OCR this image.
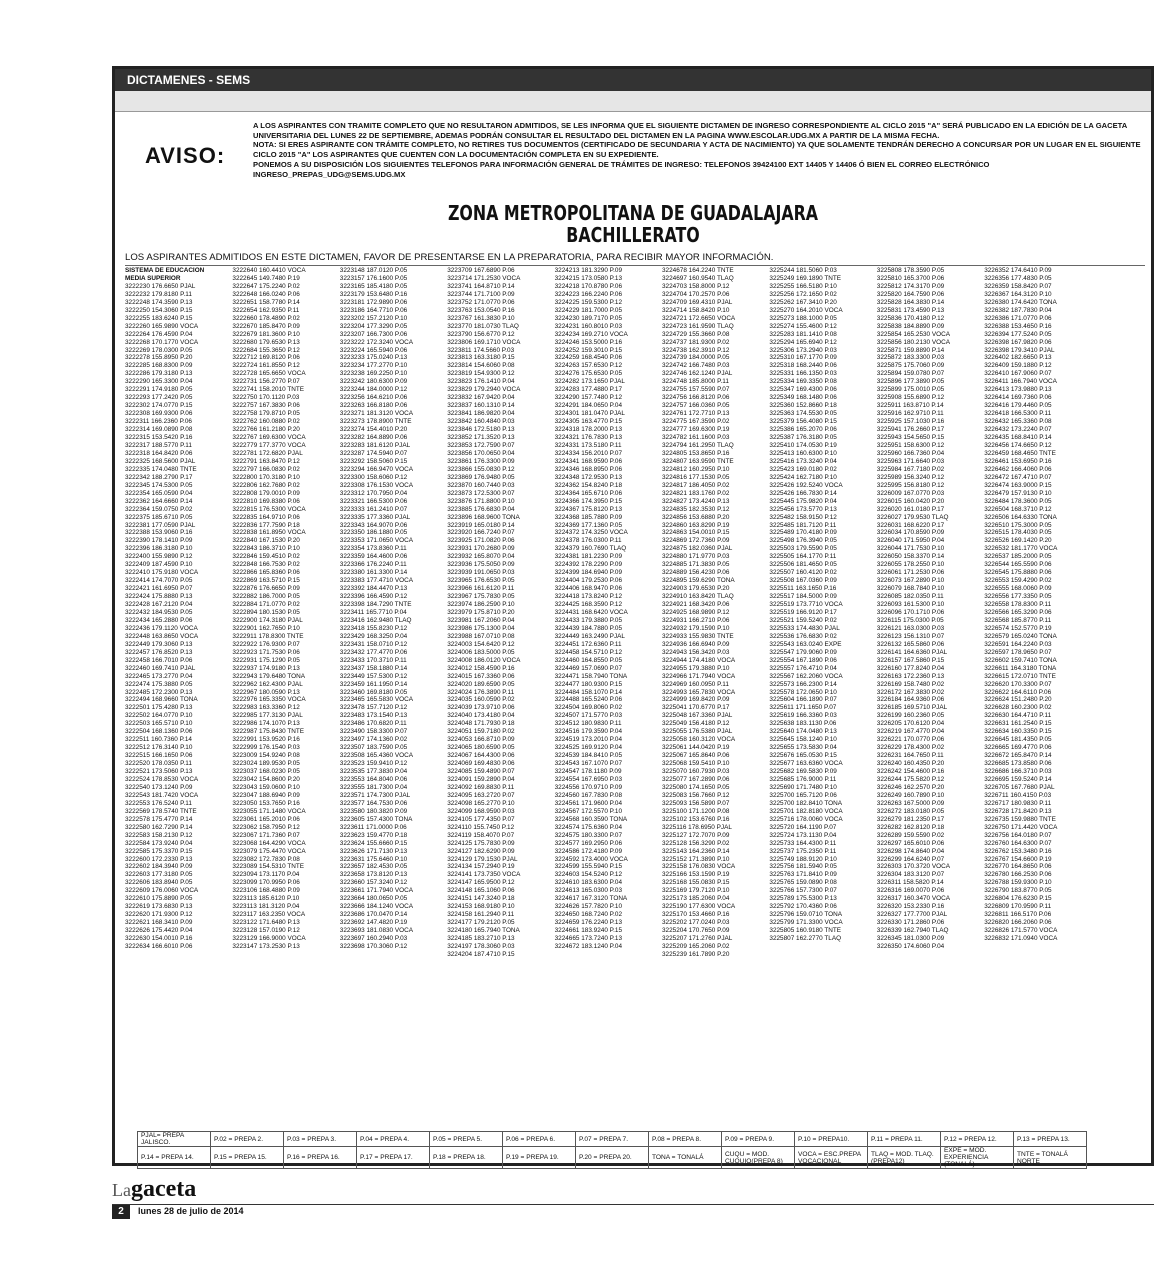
DICTAMENES - SEMS
AVISO:

A LOS ASPIRANTES CON TRAMITE COMPLETO QUE NO RESULTARON ADMITIDOS, SE LES INFORMA QUE EL SIGUIENTE DICTAMEN DE INGRESO CORRESPONDIENTE AL CICLO 2015 "A" SERÁ PUBLICADO EN LA EDICIÓN DE LA GACETA UNIVERSITARIA DEL LUNES 22 DE SEPTIEMBRE, ADEMAS PODRÁN CONSULTAR EL RESULTADO DEL DICTAMEN EN LA PAGINA WWW.ESCOLAR.UDG.MX A PARTIR DE LA MISMA FECHA.

NOTA: SI ERES ASPIRANTE CON TRÁMITE COMPLETO, NO RETIRES TUS DOCUMENTOS (CERTIFICADO DE SECUNDARIA Y ACTA DE NACIMIENTO) YA QUE SOLAMENTE TENDRÁN DERECHO A CONCURSAR POR UN LUGAR EN EL SIGUIENTE CICLO 2015 "A" LOS ASPIRANTES QUE CUENTEN CON LA DOCUMENTACIÓN COMPLETA EN SU EXPEDIENTE.

PONEMOS A SU DISPOSICIÓN LOS SIGUIENTES TELEFONOS PARA INFORMACIÓN GENERAL DE TRÁMITES DE INGRESO: TELEFONOS 39424100 EXT 14405 Y 14406 Ó BIEN EL CORREO ELECTRÓNICO INGRESO_PREPAS_UDG@SEMS.UDG.MX

ZONA METROPOLITANA DE GUADALAJARA
BACHILLERATO
LOS ASPIRANTES ADMITIDOS EN ESTE DICTAMEN, FAVOR DE PRESENTARSE EN LA PREPARATORIA, PARA RECIBIR MAYOR INFORMACIÓN.
SISTEMA DE EDUCACION
MEDIA SUPERIOR
3222230 176.6650 PJAL
3222232 179.8180 P.11
3222248 174.3590 P.13
3222250 154.3060 P.15
3222255 183.6240 P.15
3222260 165.9890 VOCA
3222264 176.4590 P.04
3222268 170.1770 VOCA
3222269 178.0300 P.05
3222278 155.8950 P.20
3222285 168.8300 P.09
3222286 179.3180 P.13
3222290 165.3300 P.04
3222291 174.9180 P.05
3222293 177.2420 P.05
3222302 174.0770 P.15
3222308 169.9300 P.06
3222311 166.2360 P.06
3222314 169.0890 P.08
3222315 153.5420 P.16
3222317 188.5770 P.11
3222318 164.8420 P.06
3222325 168.5600 PJAL
3222335 174.0480 TNTE
3222342 188.2790 P.17
3222345 174.5300 P.05
3222354 165.0590 P.04
3222362 164.6660 P.14
3222364 159.0750 P.02
3222375 185.6710 P.05
3222381 177.0590 PJAL
3222388 153.9060 P.16
3222390 178.1410 P.09
3222396 186.3180 P.10
3222400 155.9890 P.12
3222409 187.4590 P.10
3222410 175.9180 VOCA
3222414 174.7070 P.05
3222421 161.6950 P.07
3222424 175.8880 P.13
3222428 167.2120 P.04
3222432 184.9530 P.05
3222434 165.2880 P.06
3222436 179.1120 VOCA
3222448 163.8650 VOCA
3222449 179.3060 P.13
3222457 176.8520 P.13
3222458 166.7010 P.06
3222460 169.7410 PJAL
3222465 173.2770 P.04
3222474 175.3880 P.05
3222485 172.2300 P.13
3222494 168.9660 TONA
3222501 175.4280 P.13
3222502 164.0770 P.10
3222503 165.5710 P.10
3222504 168.1360 P.06
3222511 160.7360 P.14
3222512 176.3140 P.10
3222515 166.1650 P.06
3222520 178.0350 P.11
3222521 173.5060 P.13
3222524 178.8530 VOCA
3222540 173.1240 P.09
3222543 181.7420 VOCA
3222553 176.5240 P.11
3222569 178.5740 TNTE
3222578 175.4770 P.14
3222580 162.7290 P.14
3222583 158.2130 P.12
3222584 173.9240 P.04
3222585 175.3370 P.15
3222600 172.2330 P.13
3222602 184.3940 P.09
3222603 177.3180 P.05
3222606 183.8940 P.05
3222609 176.0060 VOCA
3222610 175.8890 P.05
3222619 173.6830 P.13
3222620 171.9300 P.12
3222621 168.3410 P.09
3222626 175.4420 P.04
3222630 154.0010 P.16
3222634 166.6010 P.06
3222640 160.4410 VOCA
3222645 149.7480 P.19
3222647 175.2240 P.02
3222648 166.0240 P.06
3222651 158.7780 P.14
3222654 162.9350 P.11
3222660 178.4890 P.02
3222670 185.8470 P.09
3222679 181.3600 P.10
3222680 179.6530 P.13
3222684 155.3650 P.12
3222712 169.8120 P.06
3222724 161.8550 P.12
3222728 165.6650 VOCA
3222731 156.2770 P.07
3222741 158.2010 TNTE
3222750 170.1120 P.03
3222757 167.3830 P.06
3222758 179.8710 P.05
3222762 160.0880 P.02
3222766 161.2180 P.20
3222767 169.6300 VOCA
3222779 177.3770 VOCA
3222781 172.6820 PJAL
3222791 163.8470 P.12
3222797 166.0830 P.02
3222800 170.3180 P.10
3222806 162.7680 P.02
3222808 179.0010 P.09
3222810 169.8380 P.06
3222815 176.5300 VOCA
3222835 164.9710 P.06
3222836 177.7590 P.18
3222838 161.8950 VOCA
3222840 167.1530 P.20
3222843 186.3710 P.10
3222846 159.4510 P.02
3222848 166.7530 P.02
3222866 165.8360 P.06
3222869 163.5710 P.15
3222876 176.6650 P.09
3222882 186.7000 P.05
3222884 171.0770 P.02
3222894 180.1530 P.05
3222900 174.3180 PJAL
3222901 162.7650 P.10
3222911 178.8300 TNTE
3222922 176.9300 P.07
3222923 171.7530 P.06
3222931 175.1290 P.05
3222937 174.9180 P.13
3222943 179.6480 TONA
3222962 162.4300 PJAL
3222967 180.0590 P.13
3222976 165.3350 VOCA
3222983 163.3360 P.12
3222985 177.3130 PJAL
3222986 174.1070 P.13
3222987 175.8430 TNTE
3222991 153.9520 P.16
3222999 176.1540 P.03
3223009 154.9240 P.08
3223024 189.9530 P.05
3223037 168.0230 P.05
3223042 154.8600 P.20
3223043 159.0600 P.10
3223047 188.6940 P.09
3223050 153.7650 P.16
3223055 171.1480 VOCA
3223061 165.2010 P.06
3223062 158.7950 P.12
3223067 171.7360 P.07
3223068 164.4290 VOCA
3223079 175.4470 VOCA
3223082 172.7830 P.08
3223089 154.5310 TNTE
3223094 173.1170 P.04
3223099 170.9950 P.06
3223106 168.4880 P.09
3223113 185.6120 P.10
3223113 181.3120 P.04
3223117 163.2350 VOCA
3223122 171.6480 P.13
3223128 157.0190 P.12
3223129 166.9000 VOCA
3223147 173.2530 P.13
3223148 187.0120 P.05
3223157 176.1600 P.05
3223165 185.4180 P.05
3223179 153.6480 P.16
3223181 172.9890 P.06
3223186 164.7710 P.06
3223202 157.2120 P.10
3223204 177.3290 P.05
3223207 166.7300 P.06
3223222 172.3240 VOCA
3223224 165.5940 P.06
3223233 175.0240 P.13
3223234 177.2770 P.10
3223238 169.2250 P.10
3223242 180.6300 P.09
3223244 184.0000 P.12
3223256 164.6210 P.06
3223263 166.8180 P.06
3223271 181.3120 VOCA
3223273 178.8900 TNTE
3223274 154.4010 P.20
3223282 164.8890 P.06
3223283 181.6120 PJAL
3223287 174.5940 P.07
3223292 158.5060 P.15
3223294 166.9470 VOCA
3223300 158.6060 P.12
3223308 176.1530 VOCA
3223312 170.7950 P.04
3223321 166.5300 P.06
3223333 161.2410 P.07
3223335 177.3360 PJAL
3223343 164.9070 P.06
3223350 186.1880 P.05
3223353 171.0650 VOCA
3223354 173.8360 P.11
3223359 164.4600 P.06
3223366 176.2240 P.11
3223380 161.3300 P.14
3223383 177.4710 VOCA
3223392 184.4470 P.13
3223396 166.4590 P.12
3223398 184.7290 TNTE
3223411 165.7710 P.04
3223416 162.9480 TLAQ
3223418 155.8230 P.12
3223429 168.3250 P.04
3223431 158.0710 P.12
3223432 177.4770 P.06
3223433 170.3710 P.11
3223437 158.1880 P.14
3223449 157.5300 P.12
3223459 161.1950 P.14
3223460 169.8180 P.05
3223465 165.5830 VOCA
3223478 157.7120 P.12
3223483 173.1540 P.13
3223486 170.6820 P.11
3223490 158.3300 P.07
3223497 174.1360 P.02
3223507 183.7590 P.05
3223508 165.4360 VOCA
3223523 159.9410 P.12
3223535 177.3830 P.04
3223553 164.8040 P.06
3223555 181.7300 P.04
3223571 174.7300 PJAL
3223577 164.7530 P.06
3223580 180.3820 P.09
3223605 157.4300 TONA
3223611 171.0000 P.06
3223623 159.4770 P.18
3223624 155.6660 P.15
3223626 171.7130 P.13
3223631 175.6460 P.10
3223657 182.4530 P.05
3223658 173.8120 P.13
3223660 157.3240 P.12
3223661 171.7940 VOCA
3223664 180.0650 P.05
3223666 184.1240 VOCA
3223686 170.0470 P.14
3223692 147.4820 P.19
3223693 181.0830 VOCA
3223697 160.2940 P.03
3223698 170.3060 P.12
3223709 167.6890 P.06
3223714 171.2530 VOCA
3223741 164.8710 P.14
3223744 171.7100 P.09
3223752 171.0770 P.06
3223763 153.0540 P.16
3223767 161.3830 P.10
3223770 181.0730 TLAQ
3223790 156.6770 P.12
3223806 169.1710 VOCA
3223811 174.5660 P.03
3223813 163.3180 P.15
3223814 154.6060 P.08
3223819 154.9300 P.12
3223823 176.1410 P.04
3223829 179.2940 VOCA
3223832 167.9420 P.04
3223837 160.1310 P.14
3223841 186.9820 P.04
3223842 160.4840 P.03
3223846 172.5180 P.13
3223852 171.3520 P.13
3223853 172.7590 P.07
3223856 170.0650 P.04
3223861 176.3300 P.09
3223866 155.0830 P.12
3223869 176.9480 P.05
3223870 160.7440 P.03
3223873 172.5300 P.07
3223876 171.8800 P.10
3223885 176.6830 P.04
3223896 168.9600 TONA
3223919 165.0180 P.14
3223920 166.7240 P.07
3223925 171.0820 P.06
3223931 170.2680 P.09
3223932 165.8070 P.04
3223936 175.5050 P.09
3223939 191.0650 P.03
3223965 176.6530 P.05
3223966 161.6120 P.11
3223967 175.7830 P.05
3223974 186.2590 P.10
3223979 175.8710 P.20
3223981 167.2060 P.04
3223986 175.1300 P.04
3223988 167.0710 P.08
3224003 154.6420 P.12
3224006 183.5000 P.05
3224008 186.0120 VOCA
3224012 158.4590 P.16
3224015 167.3360 P.06
3224020 189.6590 P.05
3224024 176.3890 P.11
3224035 160.0590 P.02
3224039 173.9710 P.06
3224040 173.4180 P.04
3224048 171.7930 P.18
3224051 159.7180 P.02
3224053 166.8710 P.09
3224065 180.6590 P.05
3224067 164.4300 P.06
3224069 169.4830 P.06
3224085 159.4890 P.07
3224091 159.2890 P.04
3224092 169.8830 P.11
3224095 163.2720 P.07
3224098 165.2770 P.10
3224099 168.9590 P.03
3224105 177.4350 P.07
3224110 155.7450 P.12
3224119 158.4070 P.07
3224125 175.7830 P.09
3224127 182.6290 P.09
3224129 179.1530 PJAL
3224134 157.2940 P.19
3224141 173.7350 VOCA
3224147 165.9500 P.12
3224148 165.1060 P.06
3224151 147.3240 P.18
3224153 168.9180 P.10
3224158 161.2940 P.11
3224177 179.2120 P.05
3224180 165.7940 TONA
3224185 183.2710 P.13
3224197 178.3060 P.03
3224204 187.4710 P.15
3224213 181.3290 P.09
3224215 173.0580 P.13
3224218 170.8780 P.06
3224223 166.2240 P.06
3224225 159.5300 P.12
3224229 181.7000 P.05
3224230 189.7170 P.05
3224231 160.8010 P.03
3224234 169.2710 VOCA
3224246 153.5000 P.16
3224252 159.3010 P.15
3224259 168.4540 P.06
3224263 157.6530 P.12
3224276 175.6530 P.05
3224282 173.1650 PJAL
3224283 177.4880 P.17
3224290 157.7480 P.12
3224291 184.0650 P.04
3224301 181.0470 PJAL
3224305 163.4770 P.15
3224318 178.2000 P.13
3224321 176.7830 P.13
3224331 173.5180 P.11
3224334 156.2010 P.07
3224341 168.9590 P.06
3224346 168.8950 P.06
3224348 172.9530 P.13
3224362 154.8240 P.18
3224364 165.6710 P.06
3224366 174.3950 P.15
3224367 175.8120 P.13
3224368 185.7880 P.09
3224369 177.1360 P.05
3224372 174.3250 VOCA
3224378 176.0300 P.11
3224379 160.7690 TLAQ
3224381 181.2230 P.09
3224392 178.2290 P.09
3224399 184.6940 P.09
3224404 179.2530 P.06
3224406 168.9470 P.06
3224418 173.8240 P.12
3224425 168.3590 P.12
3224431 168.6420 VOCA
3224433 179.3880 P.05
3224439 184.7880 P.05
3224449 163.2490 PJAL
3224451 172.6360 P.11
3224458 154.5710 P.12
3224460 164.8550 P.05
3224469 157.0690 P.07
3224471 158.7940 TONA
3224477 180.9300 P.15
3224484 158.1070 P.14
3224488 165.5240 P.06
3224504 169.8060 P.02
3224507 171.5770 P.03
3224512 180.9830 P.11
3224516 179.3590 P.04
3224519 173.2010 P.04
3224525 169.9120 P.04
3224539 184.8410 P.05
3224543 167.1070 P.07
3224547 178.1180 P.09
3224554 167.6950 P.03
3224556 170.9710 P.09
3224560 167.7830 P.08
3224561 171.9600 P.04
3224567 172.5570 P.10
3224568 160.3590 TONA
3224574 175.6360 P.04
3224575 180.3300 P.07
3224577 169.2950 P.06
3224586 172.4180 P.09
3224592 173.4000 VOCA
3224599 155.5940 P.15
3224603 154.5240 P.12
3224610 183.6300 P.04
3224613 165.0300 P.03
3224617 167.3120 TONA
3224626 157.7820 P.10
3224650 168.7240 P.02
3224659 176.2240 P.13
3224661 183.9240 P.15
3224665 173.7240 P.13
3224672 183.1240 P.04
3224678 164.2240 TNTE
3224697 160.9540 TLAQ
3224703 158.8000 P.12
3224704 170.2570 P.06
3224709 169.4310 PJAL
3224714 158.8420 P.10
3224721 172.6650 VOCA
3224723 161.9590 TLAQ
3224729 155.3660 P.08
3224737 181.9300 P.02
3224738 162.3910 P.12
3224739 184.0000 P.05
3224742 166.7480 P.03
3224746 162.1240 PJAL
3224748 185.8000 P.11
3224755 157.5590 P.07
3224756 166.8120 P.06
3224757 166.0360 P.05
3224761 172.7710 P.13
3224775 167.3590 P.02
3224777 169.6300 P.19
3224782 161.1600 P.03
3224794 161.2950 TLAQ
3224805 153.8650 P.16
3224807 163.9590 TNTE
3224812 160.2950 P.10
3224816 177.1530 P.05
3224817 186.4050 P.02
3224821 183.1760 P.02
3224827 173.4240 P.13
3224835 182.3530 P.12
3224856 153.6880 P.20
3224860 163.8290 P.19
3224863 154.0010 P.15
3224869 172.7360 P.09
3224875 182.0360 PJAL
3224880 171.9770 P.03
3224885 171.3830 P.05
3224889 156.4230 P.06
3224895 159.6290 TONA
3224903 179.6530 P.20
3224910 163.8420 TLAQ
3224921 168.3420 P.06
3224925 168.9890 P.12
3224931 166.2710 P.06
3224932 179.1590 P.10
3224933 155.9830 TNTE
3224936 166.6940 P.09
3224943 156.3420 P.03
3224944 174.4180 VOCA
3224955 179.3880 P.10
3224966 171.7940 VOCA
3224969 160.0950 P.11
3224993 165.7830 VOCA
3224999 169.8420 P.09
3225041 170.6770 P.17
3225048 167.3360 PJAL
3225049 156.4180 P.12
3225055 176.5380 PJAL
3225058 160.3120 VOCA
3225061 144.0420 P.19
3225067 165.8640 P.06
3225068 159.5410 P.10
3225070 160.7930 P.03
3225077 167.2890 P.06
3225080 174.1650 P.05
3225083 156.7660 P.12
3225093 156.5890 P.07
3225100 171.1200 P.08
3225102 153.6760 P.16
3225116 178.6950 PJAL
3225127 172.7070 P.09
3225128 156.3290 P.02
3225143 164.2360 P.14
3225152 171.3890 P.10
3225158 176.0830 VOCA
3225166 153.1590 P.19
3225168 155.0830 P.15
3225169 179.7120 P.10
3225173 185.2060 P.04
3225190 177.6300 VOCA
3225170 153.4660 P.16
3225202 177.0240 P.03
3225204 170.7650 P.09
3225207 171.2760 PJAL
3225209 165.2060 P.02
3225239 161.7890 P.20
3225244 181.5060 P.03
3225249 169.1890 TNTE
3225255 166.5180 P.10
3225256 172.1650 P.02
3225262 167.3410 P.20
3225270 164.2010 VOCA
3225273 188.1000 P.05
3225274 155.4600 P.12
3225283 181.1410 P.08
3225294 165.6940 P.12
3225306 173.2940 P.03
3225310 167.1770 P.09
3225318 168.2440 P.06
3225331 166.1350 P.03
3225334 169.3350 P.08
3225347 169.4300 P.06
3225349 168.1480 P.06
3225360 152.8660 P.18
3225363 174.5530 P.05
3225379 156.4080 P.15
3225386 165.2070 P.06
3225387 176.3180 P.05
3225410 174.0530 P.19
3225413 160.6300 P.10
3225416 173.3240 P.04
3225423 169.0180 P.02
3225424 162.7180 P.10
3225426 192.5240 VOCA
3225426 166.7830 P.14
3225445 175.9820 P.04
3225456 173.5770 P.13
3225482 158.9150 P.12
3225485 181.7120 P.11
3225489 170.4180 P.09
3225498 176.3940 P.05
3225503 179.5590 P.05
3225505 164.1770 P.11
3225506 181.4650 P.05
3225507 160.4120 P.02
3225508 167.0360 P.09
3225511 163.1650 P.16
3225517 184.5000 P.09
3225519 173.7710 VOCA
3225519 166.9120 P.17
3225521 159.5240 P.02
3225533 174.4830 PJAL
3225536 176.6830 P.02
3225543 163.0240 EXPE
3225547 179.9060 P.09
3225554 167.1890 P.06
3225557 176.4710 P.04
3225567 162.2060 VOCA
3225573 166.2300 P.14
3225578 172.0650 P.10
3225604 166.1890 P.07
3225611 171.1650 P.07
3225619 166.3360 P.03
3225638 183.1130 P.06
3225640 174.0480 P.13
3225645 158.1240 P.10
3225655 173.5830 P.04
3225676 165.0530 P.15
3225677 163.6360 VOCA
3225682 169.5830 P.09
3225685 176.9000 P.11
3225690 171.7480 P.10
3225700 165.7120 P.06
3225700 182.8410 TONA
3225701 182.8180 VOCA
3225716 178.0060 VOCA
3225720 164.1190 P.07
3225724 173.1130 P.04
3225733 164.4300 P.11
3225737 175.2350 P.11
3225749 188.9120 P.10
3225756 181.5940 P.05
3225763 171.8410 P.09
3225765 159.0890 P.08
3225766 157.7300 P.07
3225789 175.5300 P.13
3225792 170.4360 P.06
3225796 159.0710 TONA
3225799 171.3300 VOCA
3225805 160.9180 TNTE
3225807 162.2770 TLAQ
3225808 178.3590 P.05
3225810 165.3700 P.06
3225812 174.3170 P.09
3225820 164.7590 P.06
3225828 164.3830 P.14
3225831 173.4590 P.13
3225836 170.4180 P.12
3225838 184.8890 P.09
3225854 165.2530 VOCA
3225856 180.2130 VOCA
3225871 159.8890 P.14
3225872 183.3300 P.03
3225875 175.7060 P.09
3225894 159.0780 P.07
3225896 177.3890 P.05
3225899 175.0010 P.05
3225908 155.6890 P.12
3225911 163.8710 P.14
3225916 162.9710 P.11
3225925 157.1030 P.16
3225941 176.2660 P.17
3225943 154.5650 P.15
3225951 158.6300 P.12
3225960 166.7360 P.04
3225963 171.6640 P.03
3225984 167.7180 P.02
3225989 156.3240 P.12
3225995 156.8180 P.12
3226009 167.0770 P.03
3226015 160.0420 P.20
3226020 161.0180 P.17
3226027 179.9530 TLAQ
3226031 168.6220 P.17
3226034 170.8590 P.09
3226040 171.5950 P.04
3226044 171.7530 P.10
3226050 158.3370 P.14
3226055 178.2550 P.10
3226061 171.2530 P.06
3226073 167.2890 P.10
3226079 168.7840 P.10
3226085 182.0350 P.11
3226093 161.5300 P.10
3226096 170.1710 P.06
3226115 175.0300 P.05
3226121 163.0300 P.03
3226123 156.1310 P.07
3226132 165.5860 P.06
3226141 164.6360 PJAL
3226157 167.5860 P.15
3226160 177.8240 P.04
3226163 172.2360 P.13
3226169 158.7480 P.02
3226172 167.3830 P.02
3226184 164.9360 P.06
3226185 169.5710 PJAL
3226199 160.2360 P.05
3226205 170.6120 P.04
3226219 167.4770 P.04
3226221 170.0770 P.06
3226229 178.4300 P.02
3226231 164.7650 P.11
3226240 160.4350 P.20
3226242 154.4600 P.16
3226244 175.5820 P.12
3226246 162.2570 P.20
3226249 160.7890 P.10
3226263 167.5000 P.09
3226272 183.0180 P.05
3226279 181.2350 P.17
3226282 162.8120 P.18
3226289 159.5590 P.02
3226297 165.6010 P.06
3226298 174.8640 P.04
3226299 164.6240 P.07
3226303 170.3720 VOCA
3226304 183.3120 P.07
3226311 158.5820 P.14
3226316 169.0070 P.06
3226317 160.3470 VOCA
3226320 153.2330 P.16
3226327 177.7700 PJAL
3226330 171.2860 P.06
3226339 162.7940 TLAQ
3226345 181.0300 P.09
3226350 174.6060 P.04
3226352 174.6410 P.09
3226356 177.4830 P.05
3226359 158.8420 P.07
3226367 164.3120 P.10
3226380 174.6420 TONA
3226382 187.7830 P.04
3226386 171.0770 P.06
3226388 153.4650 P.16
3226394 177.5240 P.05
3226398 167.9820 P.06
3226398 179.3410 PJAL
3226402 182.6650 P.13
3226409 159.1880 P.12
3226410 167.9060 P.07
3226411 166.7940 VOCA
3226413 173.9880 P.13
3226414 169.7360 P.06
3226416 179.4460 P.05
3226418 166.5300 P.11
3226432 165.3360 P.08
3226432 173.2240 P.07
3226435 168.8410 P.14
3226456 174.6650 P.12
3226459 168.4650 TNTE
3226461 153.6950 P.16
3226462 166.4060 P.06
3226472 167.4710 P.07
3226474 163.9000 P.15
3226479 157.9130 P.10
3226484 178.3600 P.05
3226504 168.3710 P.12
3226506 164.6330 TONA
3226510 175.3000 P.05
3226515 178.4030 P.05
3226526 169.1420 P.20
3226532 181.1770 VOCA
3226537 185.2000 P.05
3226544 165.5590 P.06
3226545 175.8880 P.06
3226553 159.4290 P.02
3226555 168.0060 P.09
3226556 177.3350 P.05
3226558 178.8300 P.11
3226566 165.3290 P.06
3226568 185.8770 P.11
3226574 152.5770 P.19
3226579 165.0240 TONA
3226591 164.2240 P.03
3226597 178.9650 P.07
3226602 159.7410 TONA
3226611 164.3180 TONA
3226615 172.0710 TNTE
3226620 170.3300 P.07
3226622 164.6110 P.06
3226624 151.2480 P.20
3226628 160.2300 P.02
3226630 164.4710 P.11
3226631 161.2540 P.15
3226634 160.3350 P.15
3226645 181.4350 P.05
3226665 169.4770 P.06
3226672 165.8470 P.14
3226685 173.8580 P.06
3226686 166.3710 P.03
3226695 159.5240 P.14
3226705 167.7680 PJAL
3226711 160.4150 P.03
3226717 180.9830 P.11
3226728 171.8420 P.13
3226735 159.9880 TNTE
3226750 171.4420 VOCA
3226756 164.0180 P.07
3226760 164.6300 P.07
3226762 153.3480 P.16
3226767 154.6600 P.19
3226770 164.8650 P.06
3226780 166.2530 P.06
3226788 159.9300 P.10
3226790 183.8770 P.05
3226804 176.6230 P.15
3226809 170.9590 P.11
3226811 166.5170 P.06
3226820 166.2060 P.06
3226826 171.5770 VOCA
3226832 171.0940 VOCA
PJAL= PREPA JALISCO.	P.02 = PREPA 2.	P.03 = PREPA 3.	P.04 = PREPA 4.	P.05 = PREPA 5.	P.06 = PREPA 6.	P.07 = PREPA 7.	P.08 = PREPA 8.	P.09 = PREPA 9.	P.10 = PREPA10.	P.11 = PREPA 11.	P.12 = PREPA 12.	P.13 = PREPA 13.
P.14 = PREPA 14.	P.15 = PREPA 15.	P.16 = PREPA 16.	P.17 = PREPA 17.	P.18 = PREPA 18.	P.19 = PREPA 19.	P.20 = PREPA 20.	TONA = TONALÁ	CUQU = MOD. CUQUIO(PREPA 8)	VOCA = ESC.PREPA VOCACIONAL	TLAQ = MOD. TLAQ.(PREPA12)	EXPE = MOD. EXPERIENCIA (TONALÁ)	TNTE = TONALÁ NORTE
Lagaceta
2	lunes 28 de julio de 2014
